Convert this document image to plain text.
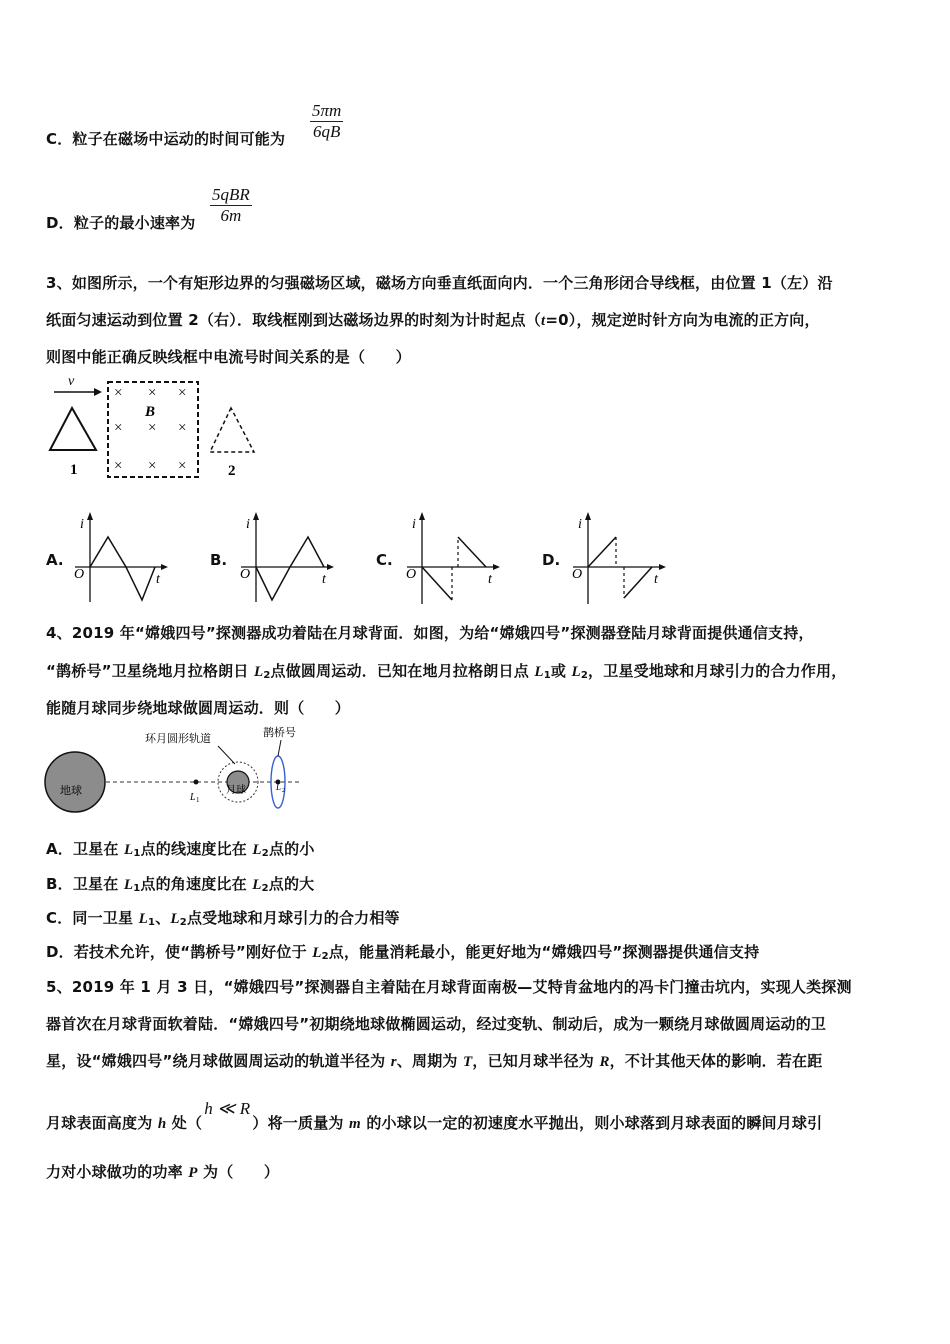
C．粒子在磁场中运动的时间可能为 $\frac{5\pi m}{6qB}$
D．粒子的最小速率为
5qBR
6m
3、如图所示，一个有矩形边界的匀强磁场区域，磁场方向垂直纸面向内．一个三角形闭合导线框，由位置 1（左）沿
纸面匀速运动到位置 2（右）．取线框刚到达磁场边界的时刻为计时起点（t=0），规定逆时针方向为电流的正方向，
则图中能正确反映线框中电流号时间关系的是（　　）
v
1
× × ×
× × ×
× × ×
B
2
A.
i
t
O
B.
i
t
O
C.
i
t
O
D.
i
t
O
4、2019 年“嫦娥四号”探测器成功着陆在月球背面．如图，为给“嫦娥四号”探测器登陆月球背面提供通信支持，
“鹊桥号”卫星绕地月拉格朗日 $L_2$点做圆周运动．已知在地月拉格朗日点 $L_1$或 $L_2$，卫星受地球和月球引力的合力作用，
能随月球同步绕地球做圆周运动．则（　　）
地球
L 1
月球
环月圆形轨道
L 2
鹊桥号
A．卫星在 $L_1$点的线速度比在 $L_2$点的小
B．卫星在 $L_1$点的角速度比在 $L_2$点的大
C．同一卫星 $L_1$、$L_2$点受地球和月球引力的合力相等
D．若技术允许，使“鹊桥号”刚好位于 $L_2$点，能量消耗最小，能更好地为“嫦娥四号”探测器提供通信支持
5、2019 年 1 月 3 日，“嫦娥四号”探测器自主着陆在月球背面南极—艾特肯盆地内的冯卡门撞击坑内，实现人类探测
器首次在月球背面软着陆．“嫦娥四号”初期绕地球做椭圆运动，经过变轨、制动后，成为一颗绕月球做圆周运动的卫
星，设“嫦娥四号”绕月球做圆周运动的轨道半径为 r、周期为 T，已知月球半径为 R，不计其他天体的影响．若在距
月球表面高度为 h 处（h ≪ R）将一质量为 m 的小球以一定的初速度水平抛出，则小球落到月球表面的瞬间月球引
力对小球做功的功率 P 为（　　）
